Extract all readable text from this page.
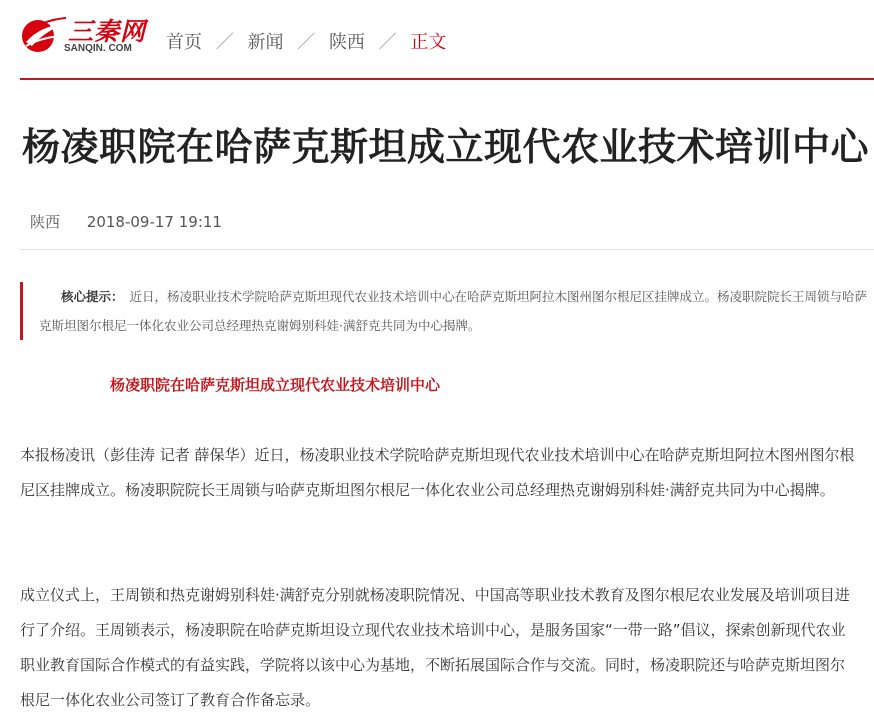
三秦网
SANQIN. COM 首页 ／ 新闻 ／ 陕西 ／ 正文
杨凌职院在哈萨克斯坦成立现代农业技术培训中心
陕西 2018-09-17 19:11
核心提示： 近日，杨凌职业技术学院哈萨克斯坦现代农业技术培训中心在哈萨克斯坦阿拉木图州图尔根尼区挂牌成立。杨凌职院院长王周锁与哈萨克斯坦图尔根尼一体化农业公司总经理热克谢姆别科娃·满舒克共同为中心揭牌。
杨凌职院在哈萨克斯坦成立现代农业技术培训中心

本报杨凌讯（彭佳涛 记者 薛保华）近日，杨凌职业技术学院哈萨克斯坦现代农业技术培训中心在哈萨克斯坦阿拉木图州图尔根尼区挂牌成立。杨凌职院院长王周锁与哈萨克斯坦图尔根尼一体化农业公司总经理热克谢姆别科娃·满舒克共同为中心揭牌。

成立仪式上，王周锁和热克谢姆别科娃·满舒克分别就杨凌职院情况、中国高等职业技术教育及图尔根尼农业发展及培训项目进行了介绍。王周锁表示，杨凌职院在哈萨克斯坦设立现代农业技术培训中心，是服务国家“一带一路”倡议，探索创新现代农业职业教育国际合作模式的有益实践，学院将以该中心为基地，不断拓展国际合作与交流。同时，杨凌职院还与哈萨克斯坦图尔根尼一体化农业公司签订了教育合作备忘录。
